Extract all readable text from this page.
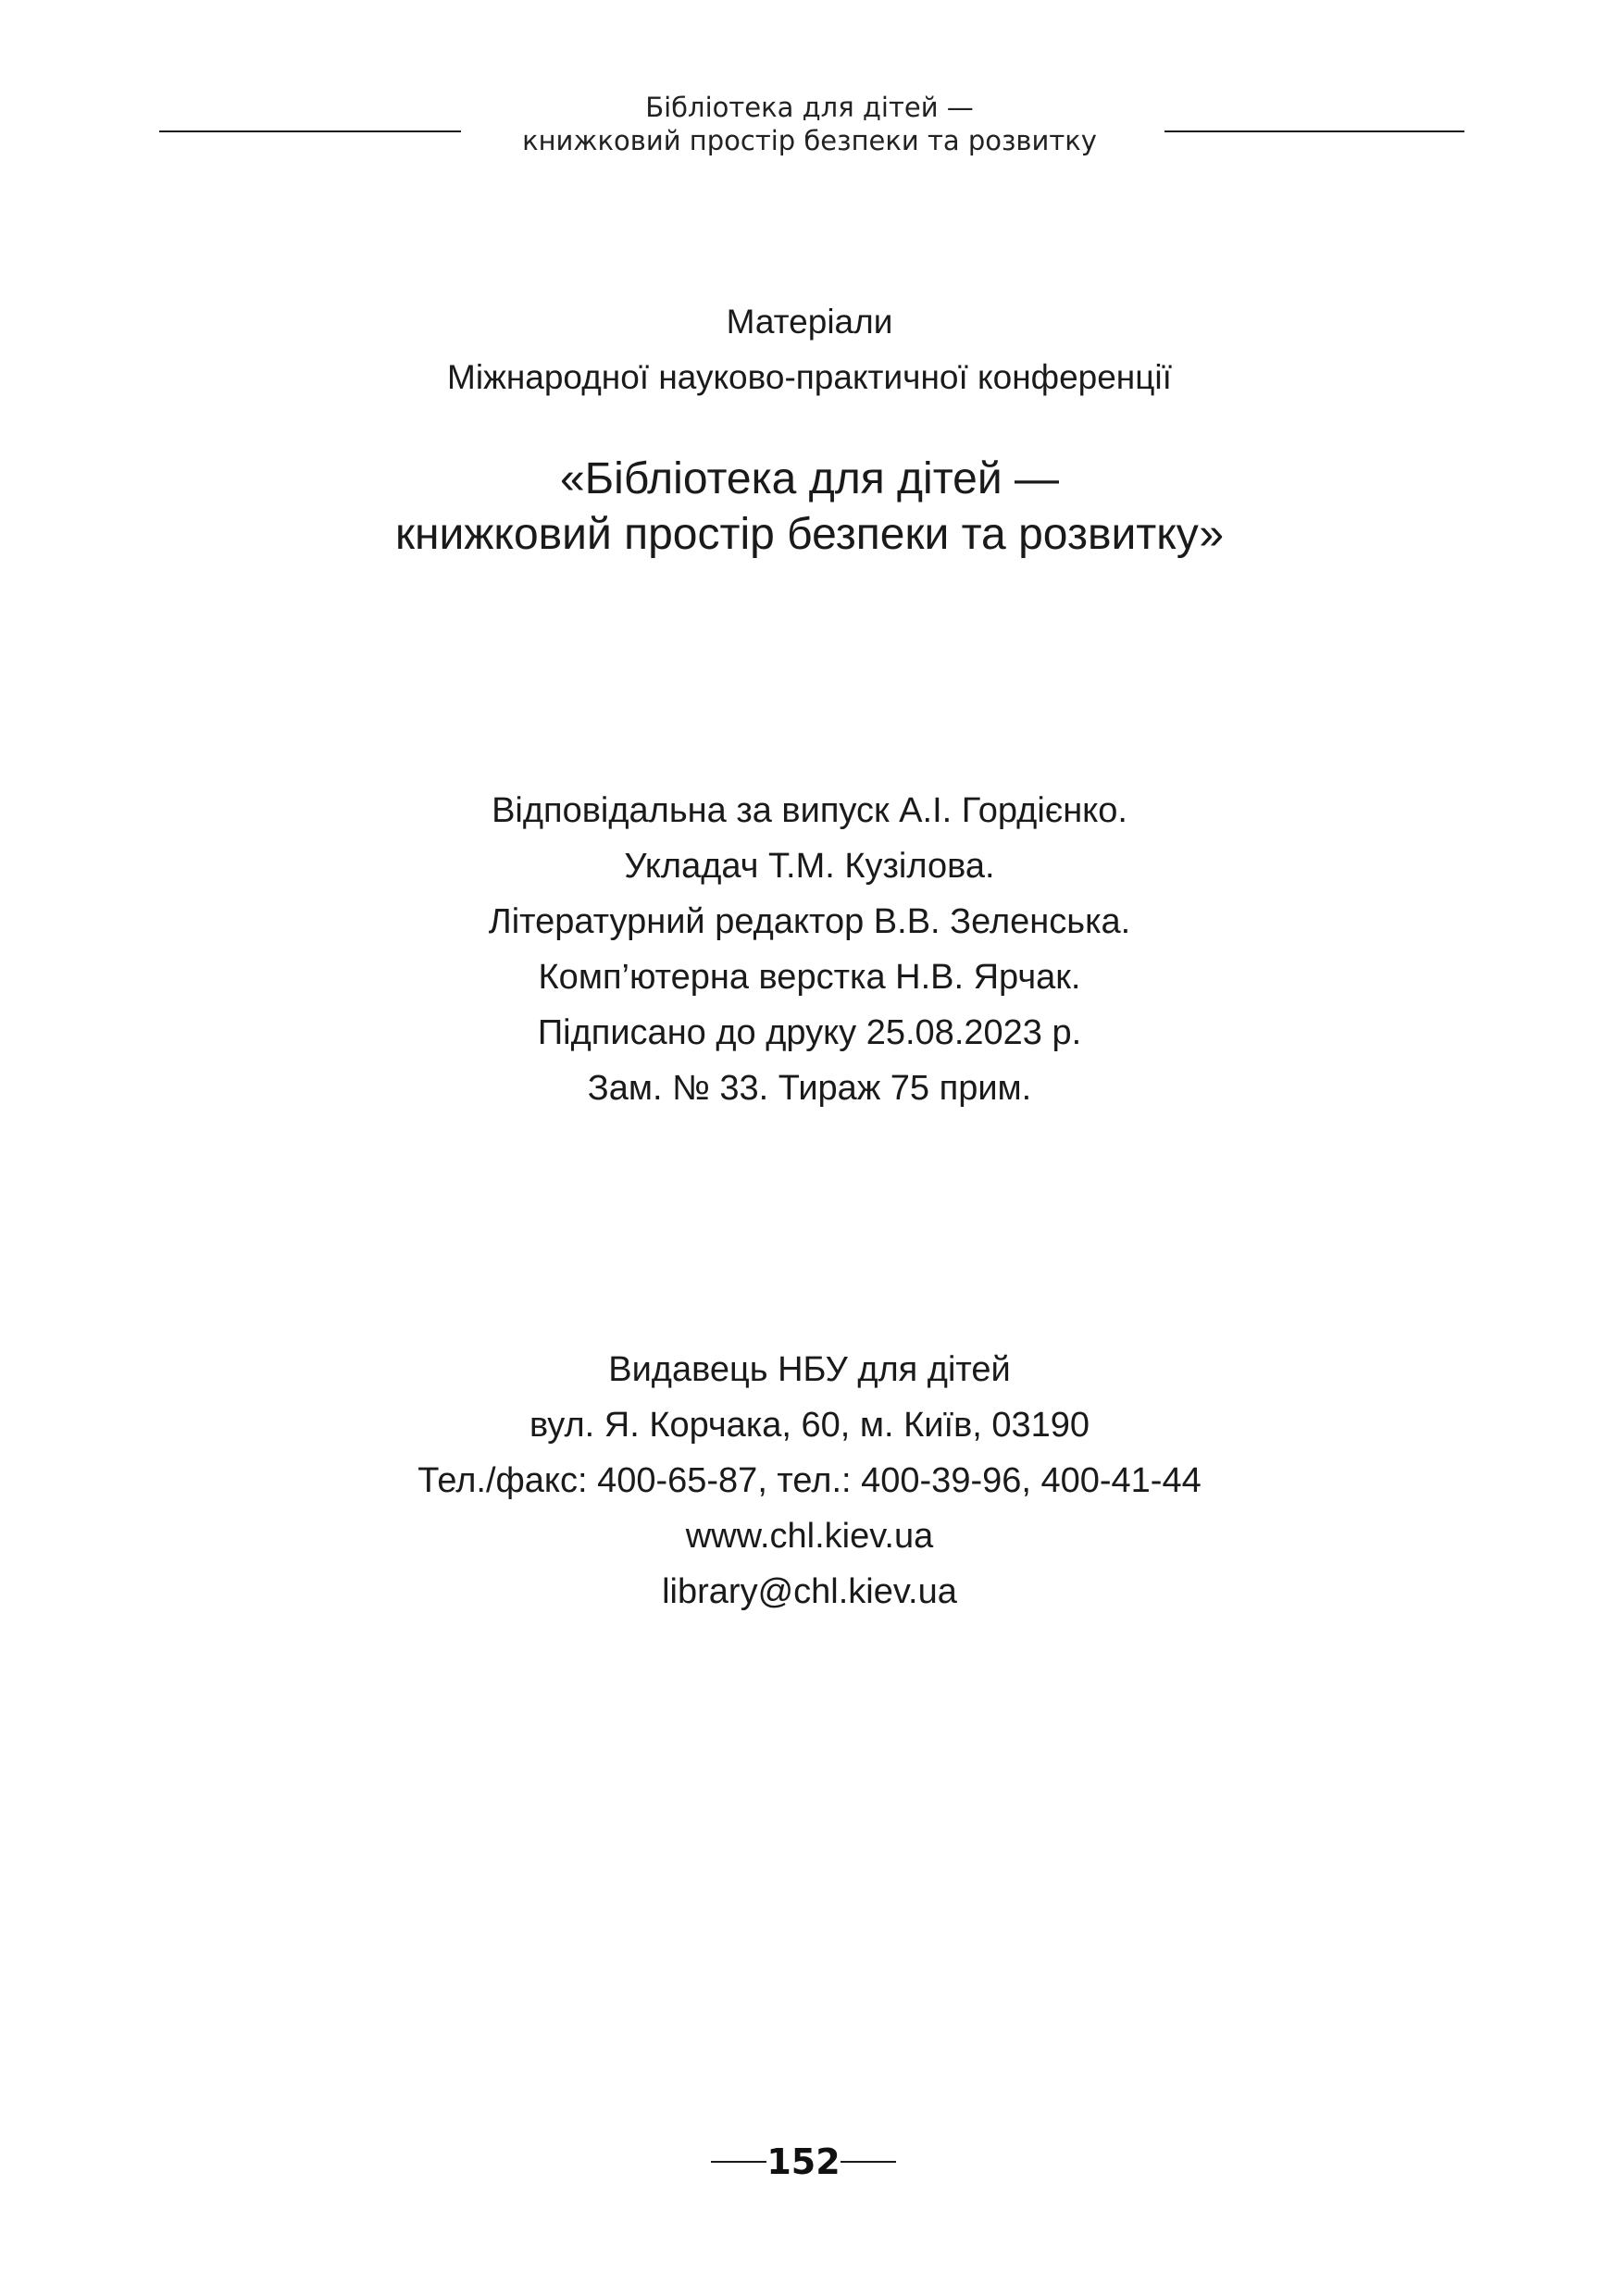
Бібліотека для дітей —
книжковий простір безпеки та розвитку
Матеріали
Міжнародної науково-практичної конференції
«Бібліотека для дітей —
книжковий простір безпеки та розвитку»
Відповідальна за випуск А.І. Гордієнко.
Укладач Т.М. Кузілова.
Літературний редактор В.В. Зеленська.
Комп’ютерна верстка Н.В. Ярчак.
Підписано до друку 25.08.2023 р.
Зам. № 33. Тираж 75 прим.
Видавець НБУ для дітей
вул. Я. Корчака, 60, м. Київ, 03190
Тел./факс: 400-65-87, тел.: 400-39-96, 400-41-44
www.chl.kiev.ua
library@chl.kiev.ua
152
